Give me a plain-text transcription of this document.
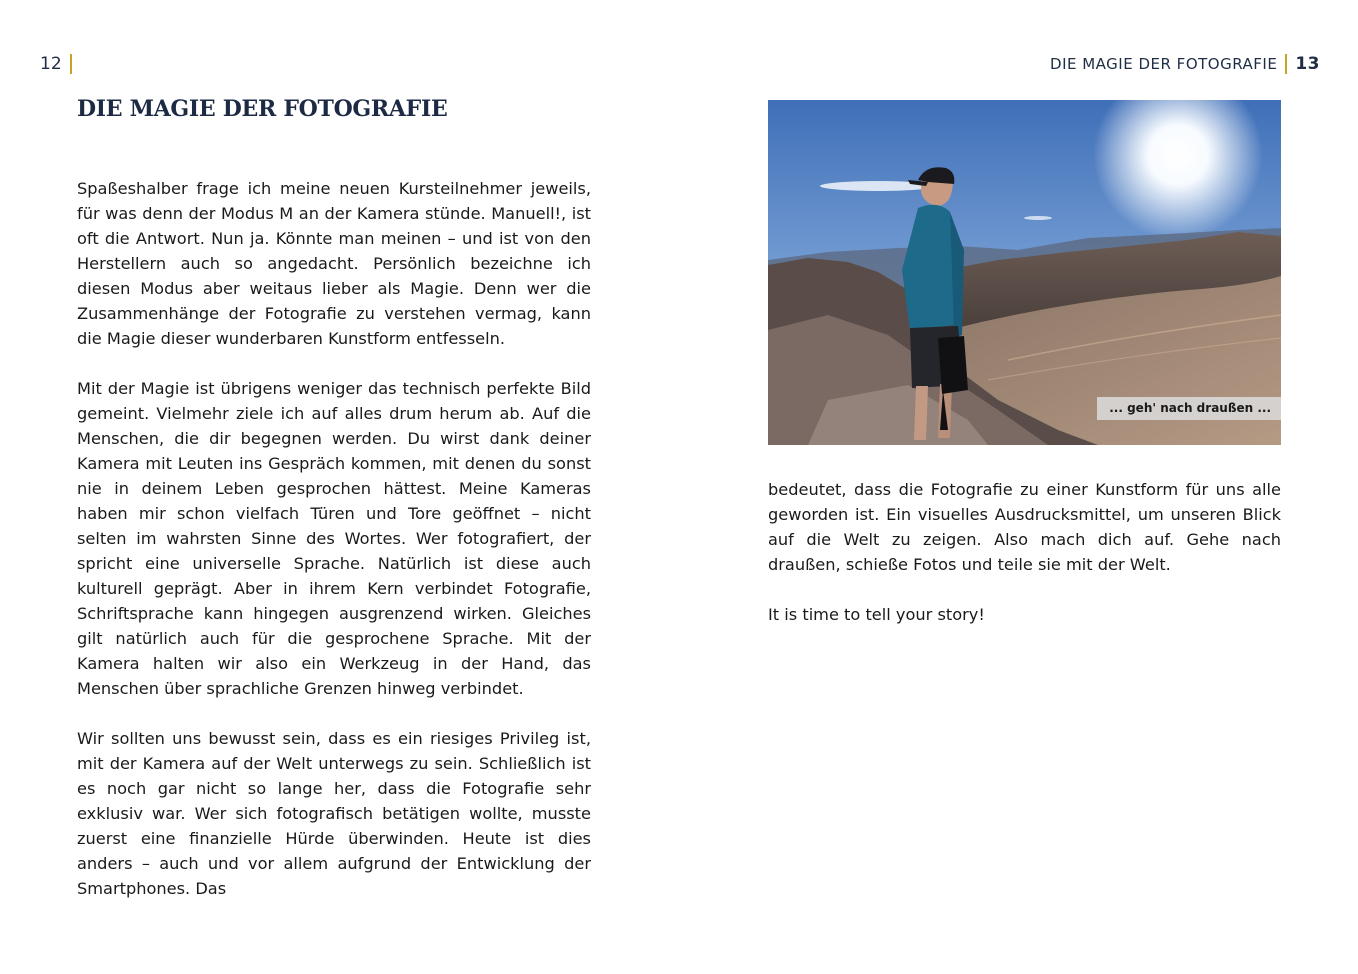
12
DIE MAGIE DER FOTOGRAFIE

Spaßeshalber frage ich meine neuen Kursteilnehmer jeweils, für was denn der Modus M an der Kamera stünde. Manuell!, ist oft die Antwort. Nun ja. Könnte man meinen – und ist von den Herstellern auch so angedacht. Persönlich bezeichne ich diesen Modus aber weitaus lieber als Magie. Denn wer die Zusammenhänge der Fotografie zu verstehen vermag, kann die Magie dieser wunderbaren Kunstform entfesseln.

Mit der Magie ist übrigens weniger das technisch perfekte Bild gemeint. Vielmehr ziele ich auf alles drum herum ab. Auf die Menschen, die dir begegnen werden. Du wirst dank deiner Kamera mit Leuten ins Gespräch kommen, mit denen du sonst nie in deinem Leben gesprochen hättest. Meine Kameras haben mir schon vielfach Türen und Tore geöffnet – nicht selten im wahrsten Sinne des Wortes. Wer fotografiert, der spricht eine universelle Sprache. Natürlich ist diese auch kulturell geprägt. Aber in ihrem Kern verbindet Fotografie, Schriftsprache kann hingegen ausgrenzend wirken. Gleiches gilt natürlich auch für die gesprochene Sprache. Mit der Kamera halten wir also ein Werkzeug in der Hand, das Menschen über sprachliche Grenzen hinweg verbindet.

Wir sollten uns bewusst sein, dass es ein riesiges Privileg ist, mit der Kamera auf der Welt unterwegs zu sein. Schließlich ist es noch gar nicht so lange her, dass die Fotografie sehr exklusiv war. Wer sich fotografisch betätigen wollte, musste zuerst eine finanzielle Hürde überwinden. Heute ist dies anders – auch und vor allem aufgrund der Entwicklung der Smartphones. Das

DIE MAGIE DER FOTOGRAFIE 13
... geh' nach draußen ...

bedeutet, dass die Fotografie zu einer Kunstform für uns alle geworden ist. Ein visuelles Ausdrucksmittel, um unseren Blick auf die Welt zu zeigen. Also mach dich auf. Gehe nach draußen, schieße Fotos und teile sie mit der Welt.

It is time to tell your story!
